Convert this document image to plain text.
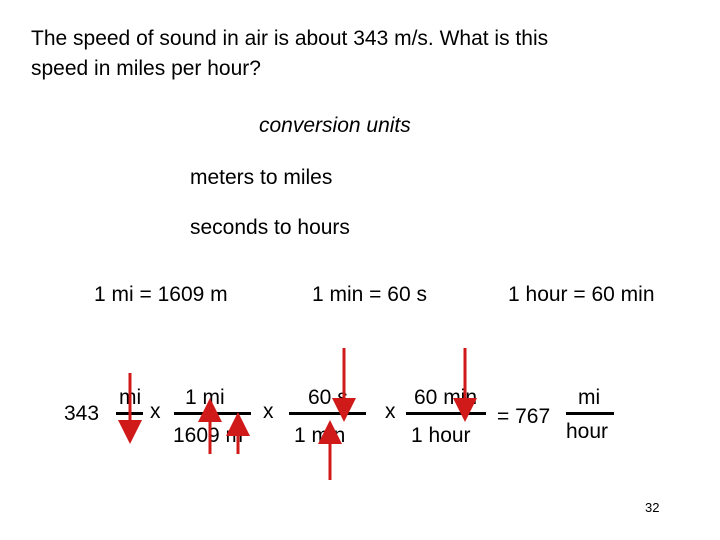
The speed of sound in air is about 343 m/s. What is this
speed in miles per hour?
conversion units
meters to miles
seconds to hours
1 mi = 1609 m	1 min = 60 s	1 hour = 60 min
343
mi
s
x
1 mi
1609 m
x
60 s
1 min
x
60 min
1 hour
= 767
mi
hour
32
